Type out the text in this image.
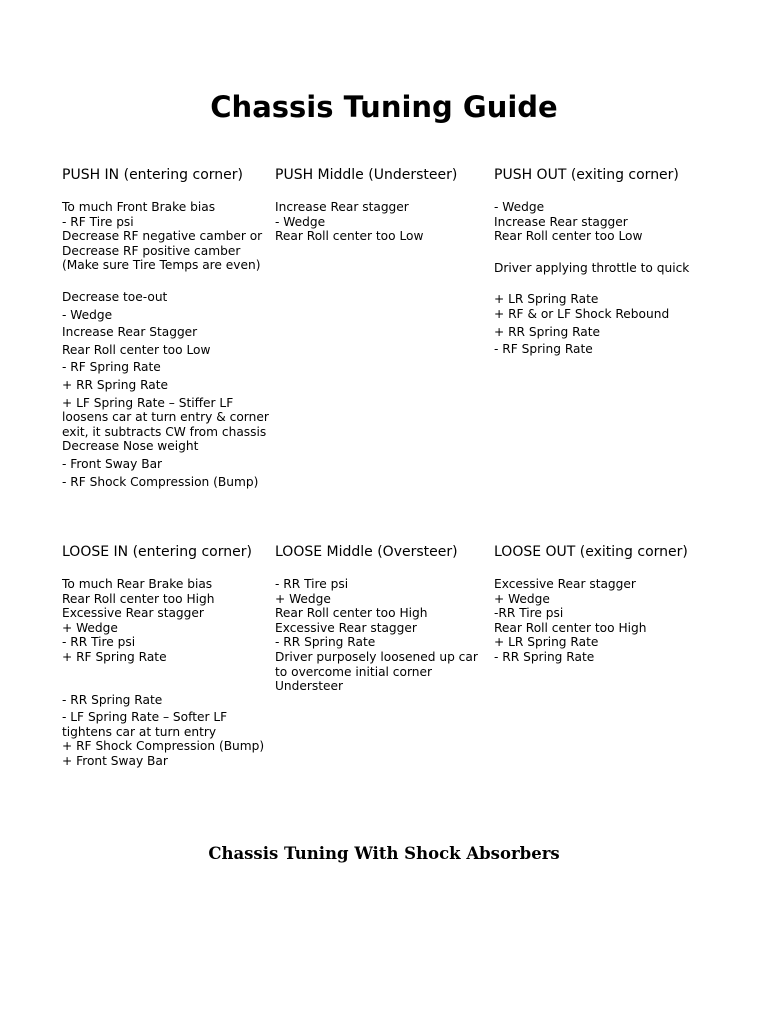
Chassis Tuning Guide
PUSH IN (entering corner)
To much Front Brake bias
- RF Tire psi
Decrease RF negative camber or Decrease RF positive camber (Make sure Tire Temps are even)
Decrease toe-out
- Wedge
Increase Rear Stagger
Rear Roll center too Low
- RF Spring Rate
+ RR Spring Rate
+ LF Spring Rate – Stiffer LF loosens car at turn entry & corner exit, it subtracts CW from chassis
Decrease Nose weight
- Front Sway Bar
- RF Shock Compression (Bump)
PUSH Middle (Understeer)
Increase Rear stagger
- Wedge
Rear Roll center too Low
PUSH OUT (exiting corner)
- Wedge
Increase Rear stagger
Rear Roll center too Low
Driver applying throttle to quick
+ LR Spring Rate
+ RF & or LF Shock Rebound
+ RR Spring Rate
- RF Spring Rate
LOOSE IN (entering corner)
To much Rear Brake bias
Rear Roll center too High
Excessive Rear stagger
+ Wedge
- RR Tire psi
+ RF Spring Rate
- RR Spring Rate
- LF Spring Rate – Softer LF tightens car at turn entry
+ RF Shock Compression (Bump)
+ Front Sway Bar
LOOSE Middle (Oversteer)
- RR Tire psi
+ Wedge
Rear Roll center too High
Excessive Rear stagger
- RR Spring Rate
Driver purposely loosened up car to overcome initial corner Understeer
LOOSE OUT (exiting corner)
Excessive Rear stagger
+ Wedge
-RR Tire psi
Rear Roll center too High
+ LR Spring Rate
- RR Spring Rate
Chassis Tuning With Shock Absorbers
